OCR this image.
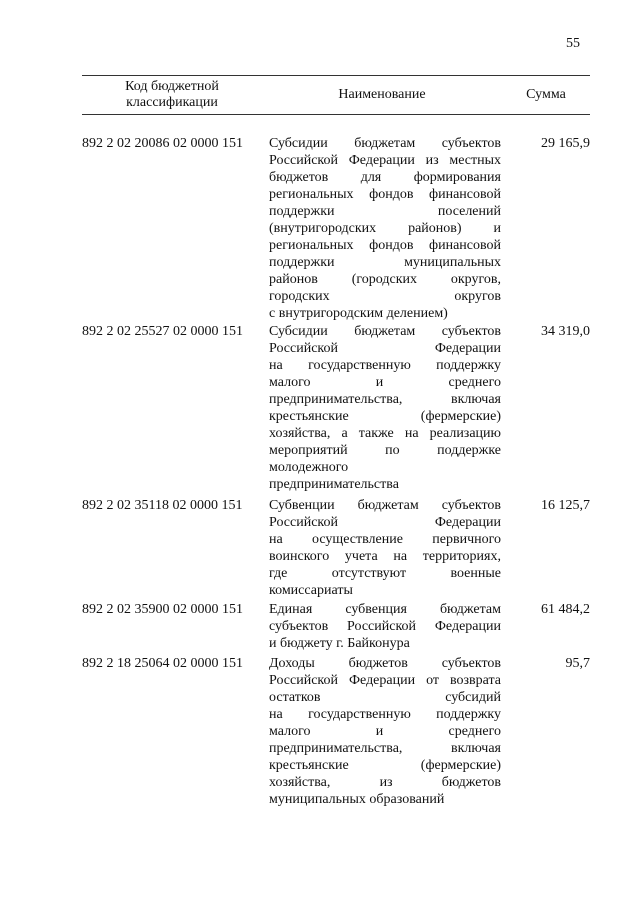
55
Код бюджетной
классификации
Наименование	Сумма
892 2 02 20086 02 0000 151 Субсидии бюджетам субъектов
Российской Федерации из местных
бюджетов для формирования
региональных фондов финансовой
поддержки поселений
(внутригородских районов) и
региональных фондов финансовой
поддержки муниципальных
районов (городских округов,
городских округов
с внутригородским делением)
29 165,9
892 2 02 25527 02 0000 151 Субсидии бюджетам субъектов
Российской Федерации
на государственную поддержку
малого и среднего
предпринимательства, включая
крестьянские (фермерские)
хозяйства, а также на реализацию
мероприятий по поддержке
молодежного
предпринимательства
34 319,0
892 2 02 35118 02 0000 151 Субвенции бюджетам субъектов
Российской Федерации
на осуществление первичного
воинского учета на территориях,
где отсутствуют военные
комиссариаты
16 125,7
892 2 02 35900 02 0000 151 Единая субвенция бюджетам
субъектов Российской Федерации
и бюджету г. Байконура
61 484,2
892 2 18 25064 02 0000 151 Доходы бюджетов субъектов
Российской Федерации от возврата
остатков субсидий
на государственную поддержку
малого и среднего
предпринимательства, включая
крестьянские (фермерские)
хозяйства, из бюджетов
муниципальных образований
95,7
